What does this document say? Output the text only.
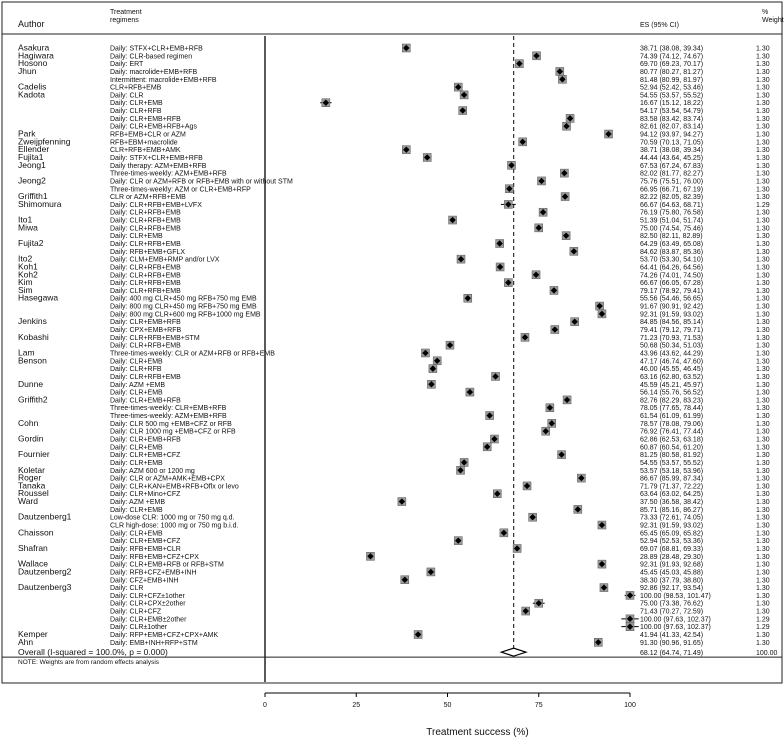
Author
Treatment
regimens
ES (95% CI)
%
Weight
Asakura	Daily: STFX+CLR+EMB+RFB	38.71 (38.08, 39.34)	1.30
Hagiwara	Daily: CLR-based regimen	74.39 (74.12, 74.67)	1.30
Hosono	Daily: ERT	69.70 (69.23, 70.17)	1.30
Jhun	Daily: macrolide+EMB+RFB	80.77 (80.27, 81.27)	1.30
Intermittent: macrolide+EMB+RFB	81.48 (80.99, 81.97)	1.30
Cadelis	CLR+RFB+EMB	52.94 (52.42, 53.46)	1.30
Kadota	Daily: CLR	54.55 (53.57, 55.52)	1.30
Daily: CLR+EMB	16.67 (15.12, 18.22)	1.30
Daily: CLR+RFB	54.17 (53.54, 54.79)	1.30
Daily: CLR+EMB+RFB	83.58 (83.42, 83.74)	1.30
Daily: CLR+EMB+RFB+Ags	82.61 (82.07, 83.14)	1.30
Park	RFB+EMB+CLR or AZM	94.12 (93.97, 94.27)	1.30
Zweijpfenning	RFB+EBM+macrolide	70.59 (70.13, 71.05)	1.30
Ellender	CLR+RFB+EMB+AMK	38.71 (38.08, 39.34)	1.30
Fujita1	Daily: STFX+CLR+EMB+RFB	44.44 (43.64, 45.25)	1.30
Jeong1	Daily therapy: AZM+EMB+RFB	67.53 (67.24, 67.83)	1.30
Three-times-weekly: AZM+EMB+RFB	82.02 (81.77, 82.27)	1.30
Jeong2	Daily: CLR or AZM+RFB or RFB+EMB with or without STM	75.76 (75.51, 76.00)	1.30
Three-times-weekly: AZM or CLR+EMB+RFP	66.95 (66.71, 67.19)	1.30
Griffith1	CLR or AZM+RFB+EMB	82.22 (82.05, 82.39)	1.30
Shimomura	Daily: CLR+RFB+EMB+LVFX	66.67 (64.63, 68.71)	1.29
Daily: CLR+RFB+EMB	76.19 (75.80, 76.58)	1.30
Ito1	Daily: CLR+RFB+EMB	51.39 (51.04, 51.74)	1.30
Miwa	Daily: CLR+RFB+EMB	75.00 (74.54, 75.46)	1.30
Daily: CLR+EMB	82.50 (82.11, 82.89)	1.30
Fujita2	Daily: CLR+RFB+EMB	64.29 (63.49, 65.08)	1.30
Daily: RFB+EMB+GFLX	84.62 (83.87, 85.36)	1.30
Ito2	Daily: CLM+EMB+RMP and/or LVX	53.70 (53.30, 54.10)	1.30
Koh1	Daily: CLR+RFB+EMB	64.41 (64.26, 64.56)	1.30
Koh2	Daily: CLR+RFB+EMB	74.26 (74.01, 74.50)	1.30
Kim	Daily: CLR+RFB+EMB	66.67 (66.05, 67.28)	1.30
Sim	Daily: CLR+RFB+EMB	79.17 (78.92, 79.41)	1.30
Hasegawa	Daily: 400 mg CLR+450 mg RFB+750 mg EMB	55.56 (54.46, 56.65)	1.30
Daily: 800 mg CLR+450 mg RFB+750 mg EMB	91.67 (90.91, 92.42)	1.30
Daily: 800 mg CLR+600 mg RFB+1000 mg EMB	92.31 (91.59, 93.02)	1.30
Jenkins	Daily: CLR+EMB+RFB	84.85 (84.56, 85.14)	1.30
Daily: CPX+EMB+RFB	79.41 (79.12, 79.71)	1.30
Kobashi	Daily: CLR+RFB+EMB+STM	71.23 (70.93, 71.53)	1.30
Daily: CLR+RFB+EMB	50.68 (50.34, 51.03)	1.30
Lam	Three-times-weekly: CLR or AZM+RFB or RFB+EMB	43.96 (43.62, 44.29)	1.30
Benson	Daily: CLR+EMB	47.17 (46.74, 47.60)	1.30
Daily: CLR+RFB	46.00 (45.55, 46.45)	1.30
Daily: CLR+RFB+EMB	63.16 (62.80, 63.52)	1.30
Dunne	Daily: AZM +EMB	45.59 (45.21, 45.97)	1.30
Daily: CLR+EMB	56.14 (55.76, 56.52)	1.30
Griffith2	Daily: CLR+EMB+RFB	82.76 (82.29, 83.23)	1.30
Three-times-weekly: CLR+EMB+RFB	78.05 (77.65, 78.44)	1.30
Three-times-weekly: AZM+EMB+RFB	61.54 (61.09, 61.99)	1.30
Cohn	Daily: CLR 500 mg +EMB+CFZ or RFB	78.57 (78.08, 79.06)	1.30
Daily: CLR 1000 mg +EMB+CFZ or RFB	76.92 (76.41, 77.44)	1.30
Gordin	Daily: CLR+EMB+RFB	62.86 (62.53, 63.18)	1.30
Daily: CLR+EMB	60.87 (60.54, 61.20)	1.30
Fournier	Daily: CLR+EMB+CFZ	81.25 (80.58, 81.92)	1.30
Daily: CLR+EMB	54.55 (53.57, 55.52)	1.30
Koletar	Daily: AZM 600 or 1200 mg	53.57 (53.18, 53.96)	1.30
Roger	Daily: CLR or AZM+AMK+EMB+CPX	86.67 (85.99, 87.34)	1.30
Tanaka	Daily: CLR+KAN+EMB+RFB+Oflx or levo	71.79 (71.37, 72.22)	1.30
Roussel	Daily: CLR+Mino+CFZ	63.64 (63.02, 64.25)	1.30
Ward	Daily: AZM +EMB	37.50 (36.58, 38.42)	1.30
Daily: CLR+EMB	85.71 (85.16, 86.27)	1.30
Dautzenberg1	Low-dose CLR: 1000 mg or 750 mg q.d.	73.33 (72.61, 74.05)	1.30
CLR high-dose: 1000 mg or 750 mg b.i.d.	92.31 (91.59, 93.02)	1.30
Chaisson	Daily: CLR+EMB	65.45 (65.09, 65.82)	1.30
Daily: CLR+EMB+CFZ	52.94 (52.53, 53.36)	1.30
Shafran	Daily: RFB+EMB+CLR	69.07 (68.81, 69.33)	1.30
Daily: RFB+EMB+CFZ+CPX	28.89 (28.48, 29.30)	1.30
Wallace	Daily: CLR+EMB+RFB or RFB+STM	92.31 (91.93, 92.68)	1.30
Dautzenberg2	Daily: RFB+CFZ+EMB+INH	45.45 (45.03, 45.88)	1.30
Daily: CFZ+EMB+INH	38.30 (37.79, 38.80)	1.30
Dautzenberg3	Daily: CLR	92.86 (92.17, 93.54)	1.30
Daily: CLR+CFZ±1other	100.00 (98.53, 101.47)	1.30
Daily: CLR+CPX±2other	75.00 (73.38, 76.62)	1.30
Daily: CLR+CFZ	71.43 (70.27, 72.59)	1.30
Daily: CLR+EMB±2other	100.00 (97.63, 102.37)	1.29
Daily: CLR±1other	100.00 (97.63, 102.37)	1.29
Kemper	Daily: RFP+EMB+CFZ+CPX+AMK	41.94 (41.33, 42.54)	1.30
Ahn	Daily: EMB+INH+RFP+STM	91.30 (90.96, 91.65)	1.30
Overall (I-squared = 100.0%, p = 0.000)	68.12 (64.74, 71.49)	100.00
NOTE: Weights are from random effects analysis
0	25	50	75	100
Treatment success (%)
